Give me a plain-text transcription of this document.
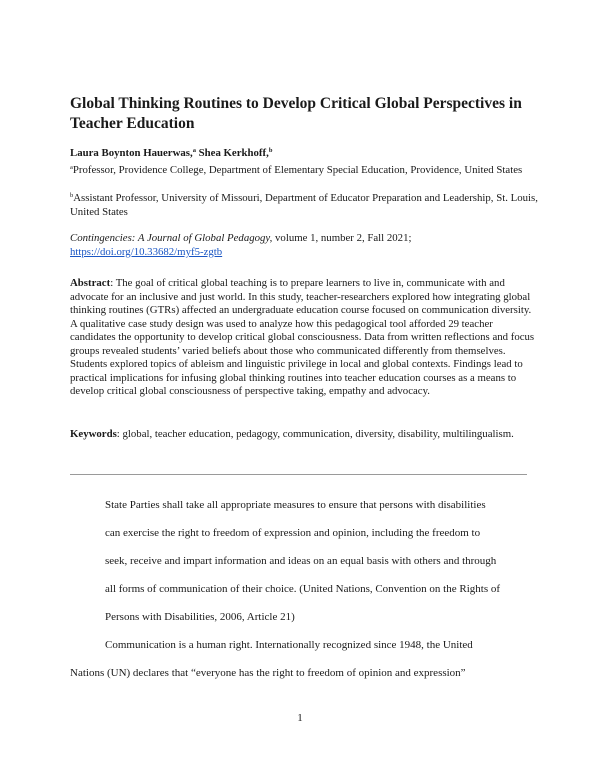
Global Thinking Routines to Develop Critical Global Perspectives in Teacher Education
Laura Boynton Hauerwas,$^a$ Shea Kerkhoff,$^b$
$^a$Professor, Providence College, Department of Elementary Special Education, Providence, United States
$^b$Assistant Professor, University of Missouri, Department of Educator Preparation and Leadership, St. Louis, United States
Contingencies: A Journal of Global Pedagogy, volume 1, number 2, Fall 2021;
https://doi.org/10.33682/myf5-zgtb

Abstract: The goal of critical global teaching is to prepare learners to live in, communicate with and advocate for an inclusive and just world. In this study, teacher-researchers explored how integrating global thinking routines (GTRs) affected an undergraduate education course focused on communication diversity. A qualitative case study design was used to analyze how this pedagogical tool afforded 29 teacher candidates the opportunity to develop critical global consciousness. Data from written reflections and focus groups revealed students’ varied beliefs about those who communicated differently from themselves. Students explored topics of ableism and linguistic privilege in local and global contexts. Findings lead to practical implications for infusing global thinking routines into teacher education courses as a means to develop critical global consciousness of perspective taking, empathy and advocacy.

Keywords: global, teacher education, pedagogy, communication, diversity, disability, multilingualism.

State Parties shall take all appropriate measures to ensure that persons with disabilities
can exercise the right to freedom of expression and opinion, including the freedom to
seek, receive and impart information and ideas on an equal basis with others and through
all forms of communication of their choice. (United Nations, Convention on the Rights of
Persons with Disabilities, 2006, Article 21)
Communication is a human right. Internationally recognized since 1948, the United
Nations (UN) declares that “everyone has the right to freedom of opinion and expression”
1
